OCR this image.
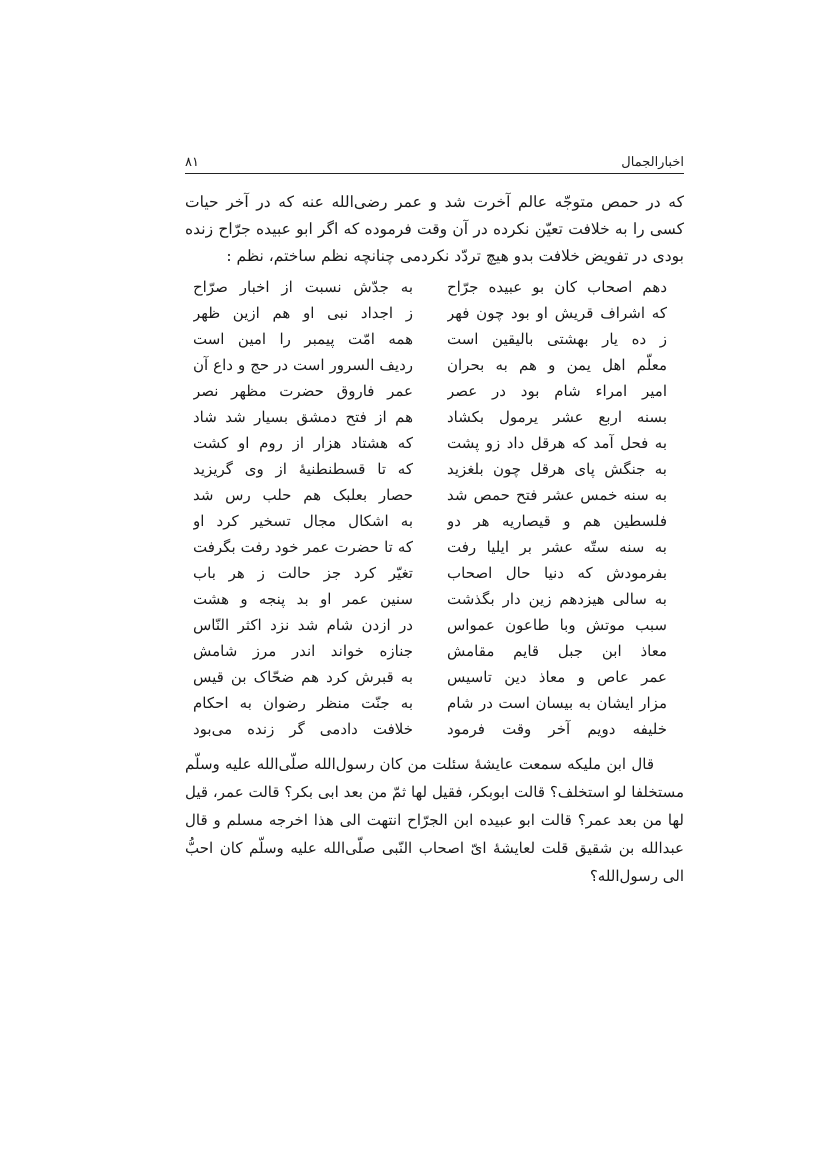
اخبارالجمال
۸۱

که در حمص متوجّه عالم آخرت شد و عمر رضی‌الله عنه که در آخر حیات کسی را به خلافت تعیّن نکرده در آن وقت فرموده که اگر ابو عبیده جرّاح زنده بودی در تفویض خلافت بدو هیچ تردّد نکردمی چنانچه نظم ساختم، نظم :

دهم اصحاب کان بو عبیده جرّاح
به جدّش نسبت از اخبار صرّاح
که اشراف قریش او بود چون فهر
ز اجداد نبی او هم ازین ظهر
ز ده یار بهشتی بالیقین است
همه امّت پیمبر را امین است
معلّم اهل یمن و هم به بحران
ردیف السرور است در حج و داع آن
امیر امراء شام بود در عصر
عمر فاروق حضرت مظهر نصر
بسنه اربع عشر یرمول بکشاد
هم از فتح دمشق بسیار شد شاد
به فحل آمد که هرقل داد زو پشت
که هشتاد هزار از روم او کشت
به جنگش پای هرقل چون بلغزید
که تا قسطنطنیهٔ از وی گریزید
به سنه خمس عشر فتح حمص شد
حصار بعلبک هم حلب رس شد
فلسطین هم و قیصاریه هر دو
به اشکال مجال تسخیر کرد او
به سنه ستّه عشر بر ایلیا رفت
که تا حضرت عمر خود رفت بگرفت
بفرمودش که دنیا حال اصحاب
تغیّر کرد جز حالت ز هر باب
به سالی هیزدهم زین دار بگذشت
سنین عمر او بد پنجه و هشت
سبب موتش وبا طاعون عمواس
در ازدن شام شد نزد اکثر النّاس
معاذ ابن جبل قایم مقامش
جنازه خواند اندر مرز شامش
عمر عاص و معاذ دین تاسیس
به قبرش کرد هم ضحّاک بن قیس
مزار ایشان به بیسان است در شام
به جنّت منظر رضوان به احکام
خلیفه دویم آخر وقت فرمود
خلافت دادمی گر زنده می‌بود

قال ابن ملیکه سمعت عایشهٔ سئلت من کان رسول‌الله صلّی‌الله علیه وسلّم مستخلفا لو استخلف؟ قالت ابوبکر، فقیل لها ثمّ من بعد ابی بکر؟ قالت عمر، قیل لها من بعد عمر؟ قالت ابو عبیده ابن الجرّاح انتهت الی هذا اخرجه مسلم و قال عبدالله بن شقیق قلت لعایشهٔ ایّ اصحاب النّبی صلّی‌الله علیه وسلّم کان احبُّ الی رسول‌الله؟
